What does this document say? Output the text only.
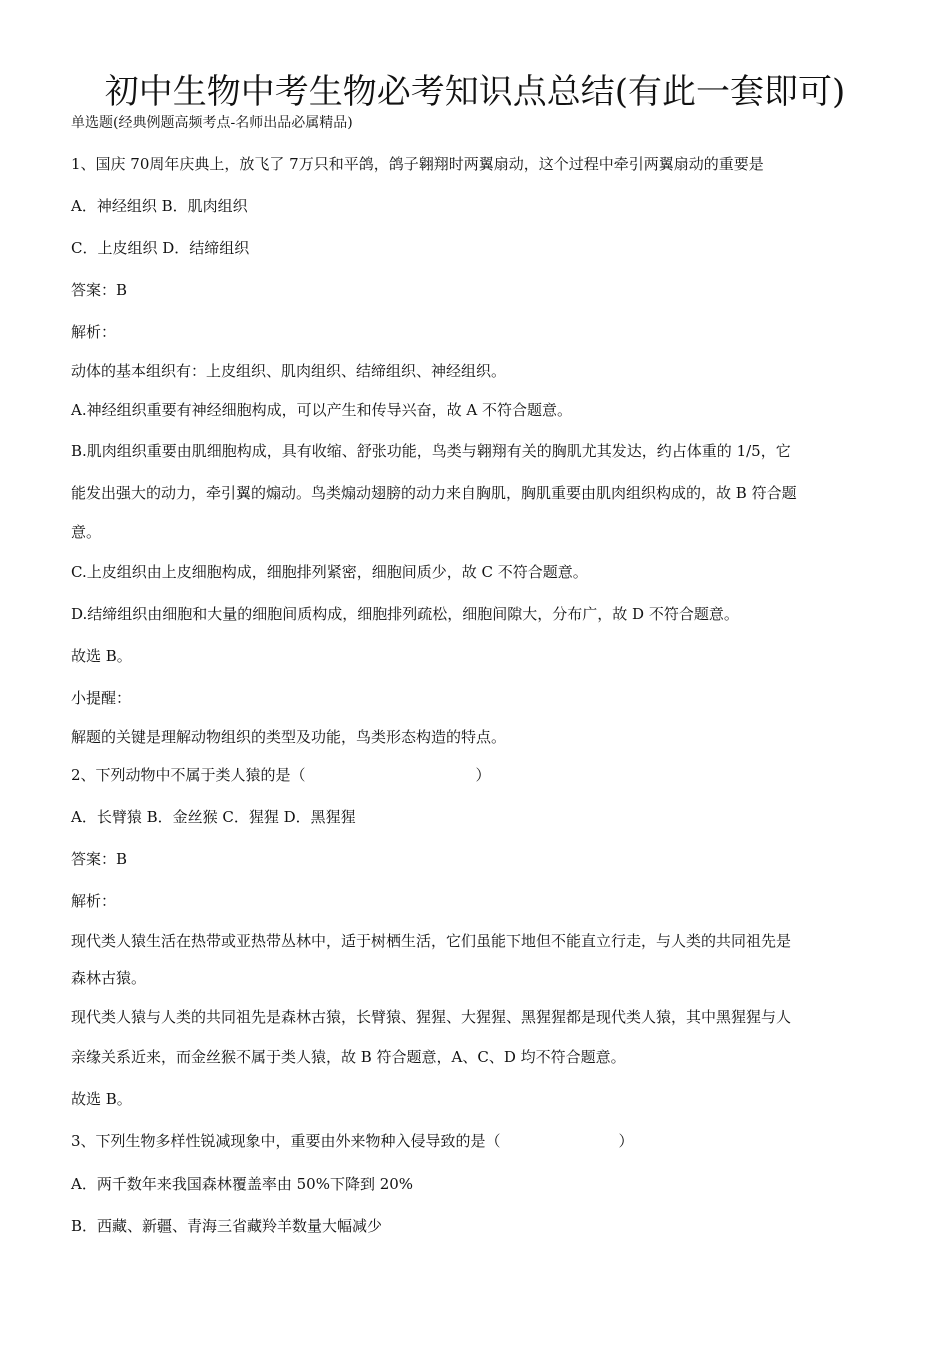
初中生物中考生物必考知识点总结(有此一套即可)
单选题(经典例题高频考点-名师出品必属精品)
1、国庆 70周年庆典上，放飞了 7万只和平鸽，鸽子翱翔时两翼扇动，这个过程中牵引两翼扇动的重要是
A．神经组织 B．肌肉组织
C．上皮组织 D．结缔组织
答案：B
解析：
动体的基本组织有：上皮组织、肌肉组织、结缔组织、神经组织。
A.神经组织重要有神经细胞构成，可以产生和传导兴奋，故 A 不符合题意。
B.肌肉组织重要由肌细胞构成，具有收缩、舒张功能，鸟类与翱翔有关的胸肌尤其发达，约占体重的 1/5，它
能发出强大的动力，牵引翼的煽动。鸟类煽动翅膀的动力来自胸肌，胸肌重要由肌肉组织构成的，故 B 符合题
意。
C.上皮组织由上皮细胞构成，细胞排列紧密，细胞间质少，故 C 不符合题意。
D.结缔组织由细胞和大量的细胞间质构成，细胞排列疏松，细胞间隙大，分布广，故 D 不符合题意。
故选 B。
小提醒：
解题的关键是理解动物组织的类型及功能，鸟类形态构造的特点。
2、下列动物中不属于类人猿的是（	）
A．长臂猿 B．金丝猴 C．猩猩 D．黑猩猩
答案：B
解析：
现代类人猿生活在热带或亚热带丛林中，适于树栖生活，它们虽能下地但不能直立行走，与人类的共同祖先是
森林古猿。
现代类人猿与人类的共同祖先是森林古猿，长臂猿、猩猩、大猩猩、黑猩猩都是现代类人猿，其中黑猩猩与人
亲缘关系近来，而金丝猴不属于类人猿，故 B 符合题意，A、C、D 均不符合题意。
故选 B。
3、下列生物多样性锐减现象中，重要由外来物种入侵导致的是（	）
A．两千数年来我国森林覆盖率由 50%下降到 20%
B．西藏、新疆、青海三省藏羚羊数量大幅减少
